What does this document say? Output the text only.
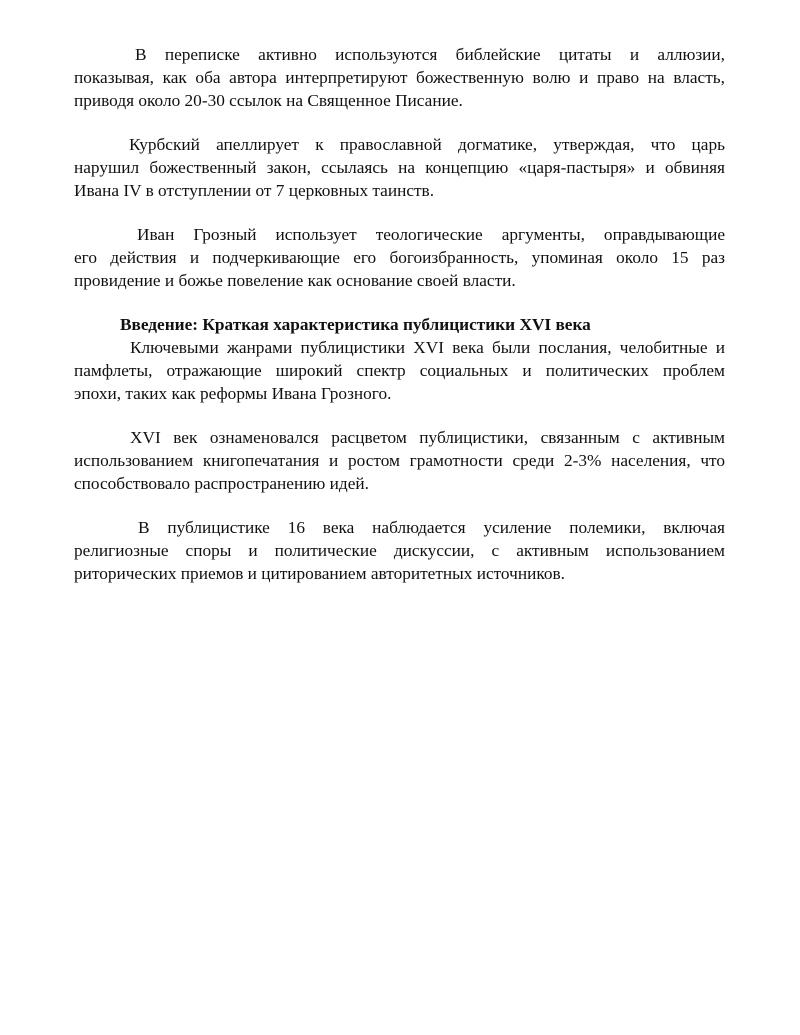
В переписке активно используются библейские цитаты и аллюзии,
показывая, как оба автора интерпретируют божественную волю и право на власть,
приводя около 20-30 ссылок на Священное Писание.

Курбский апеллирует к православной догматике, утверждая, что царь
нарушил божественный закон, ссылаясь на концепцию «царя-пастыря» и обвиняя
Ивана IV в отступлении от 7 церковных таинств.

Иван Грозный использует теологические аргументы, оправдывающие
его действия и подчеркивающие его богоизбранность, упоминая около 15 раз
провидение и божье повеление как основание своей власти.

Введение: Краткая характеристика публицистики XVI века

Ключевыми жанрами публицистики XVI века были послания, челобитные и
памфлеты, отражающие широкий спектр социальных и политических проблем
эпохи, таких как реформы Ивана Грозного.

XVI век ознаменовался расцветом публицистики, связанным с активным
использованием книгопечатания и ростом грамотности среди 2-3% населения, что
способствовало распространению идей.

В публицистике 16 века наблюдается усиление полемики, включая
религиозные споры и политические дискуссии, с активным использованием
риторических приемов и цитированием авторитетных источников.
